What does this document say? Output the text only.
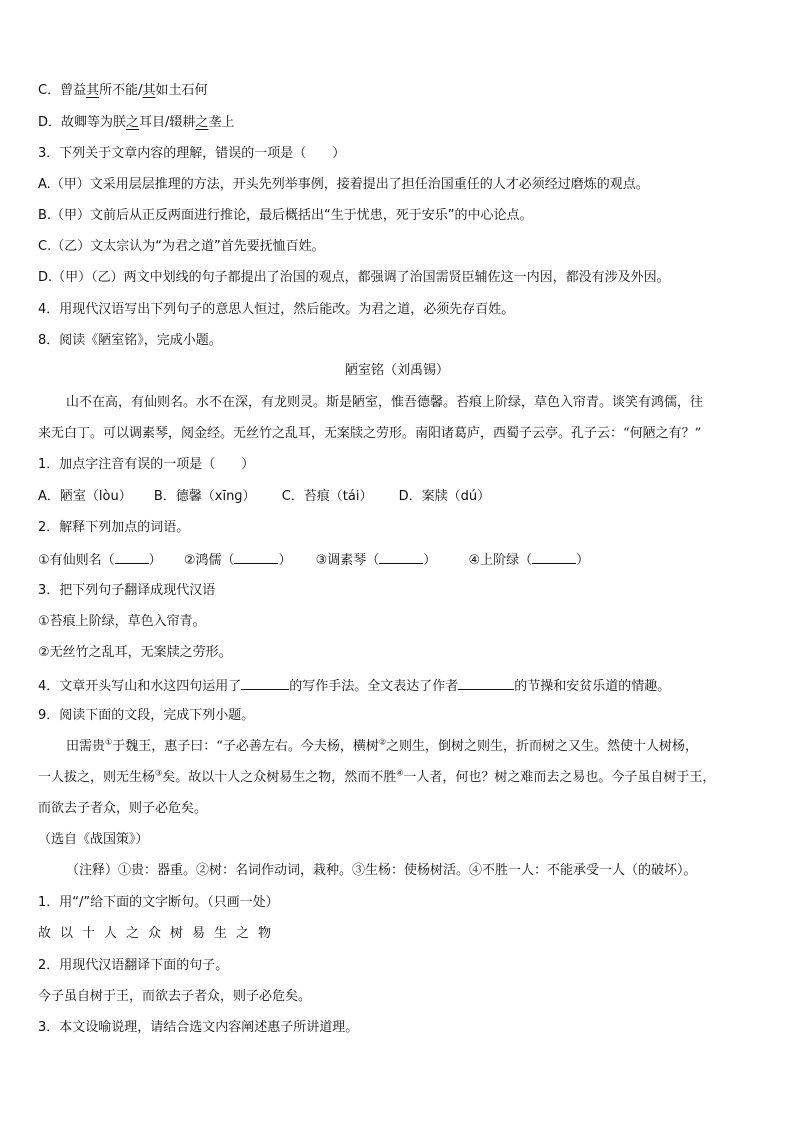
C．曾益其所不能/其如土石何
D．故卿等为朕之耳目/辍耕之垄上
3．下列关于文章内容的理解，错误的一项是（　　）
A.（甲）文采用层层推理的方法，开头先列举事例，接着提出了担任治国重任的人才必须经过磨炼的观点。
B.（甲）文前后从正反两面进行推论，最后概括出“生于忧患，死于安乐”的中心论点。
C.（乙）文太宗认为“为君之道”首先要抚恤百姓。
D.（甲）（乙）两文中划线的句子都提出了治国的观点，都强调了治国需贤臣辅佐这一内因，都没有涉及外因。
4．用现代汉语写出下列句子的意思人恒过，然后能改。为君之道，必须先存百姓。
8．阅读《陋室铭》，完成小题。
陋室铭（刘禹锡）
山不在高，有仙则名。水不在深，有龙则灵。斯是陋室，惟吾德馨。苔痕上阶绿，草色入帘青。谈笑有鸿儒，往
来无白丁。可以调素琴，阅金经。无丝竹之乱耳，无案牍之劳形。南阳诸葛庐，西蜀子云亭。孔子云：“何陋之有？”
1．加点字注音有误的一项是（　　）
A．陋室（lòu） B．德馨（xīnɡ） C．苔痕（tái） D．案牍（dú）
2．解释下列加点的词语。
①有仙则名（	） ②鸿儒（	） ③调素琴（	） ④上阶绿（	）
3．把下列句子翻译成现代汉语
①苔痕上阶绿，草色入帘青。
②无丝竹之乱耳，无案牍之劳形。
4．文章开头写山和水这四句运用了	的写作手法。全文表达了作者	的节操和安贫乐道的情趣。
9．阅读下面的文段，完成下列小题。
田需贵①于魏王，惠子曰：“子必善左右。今夫杨，横树②之则生，倒树之则生，折而树之又生。然使十人树杨，
一人拔之，则无生杨③矣。故以十人之众树易生之物，然而不胜④一人者，何也？树之难而去之易也。今子虽自树于王，
而欲去子者众，则子必危矣。
（选自《战国策》）
（注释）①贵：器重。②树：名词作动词，栽种。③生杨：使杨树活。④不胜一人：不能承受一人（的破坏）。
1．用“/”给下面的文字断句。（只画一处）
故以十人之众树易生之物
2．用现代汉语翻译下面的句子。
今子虽自树于王，而欲去子者众，则子必危矣。
3．本文设喻说理，请结合选文内容阐述惠子所讲道理。
